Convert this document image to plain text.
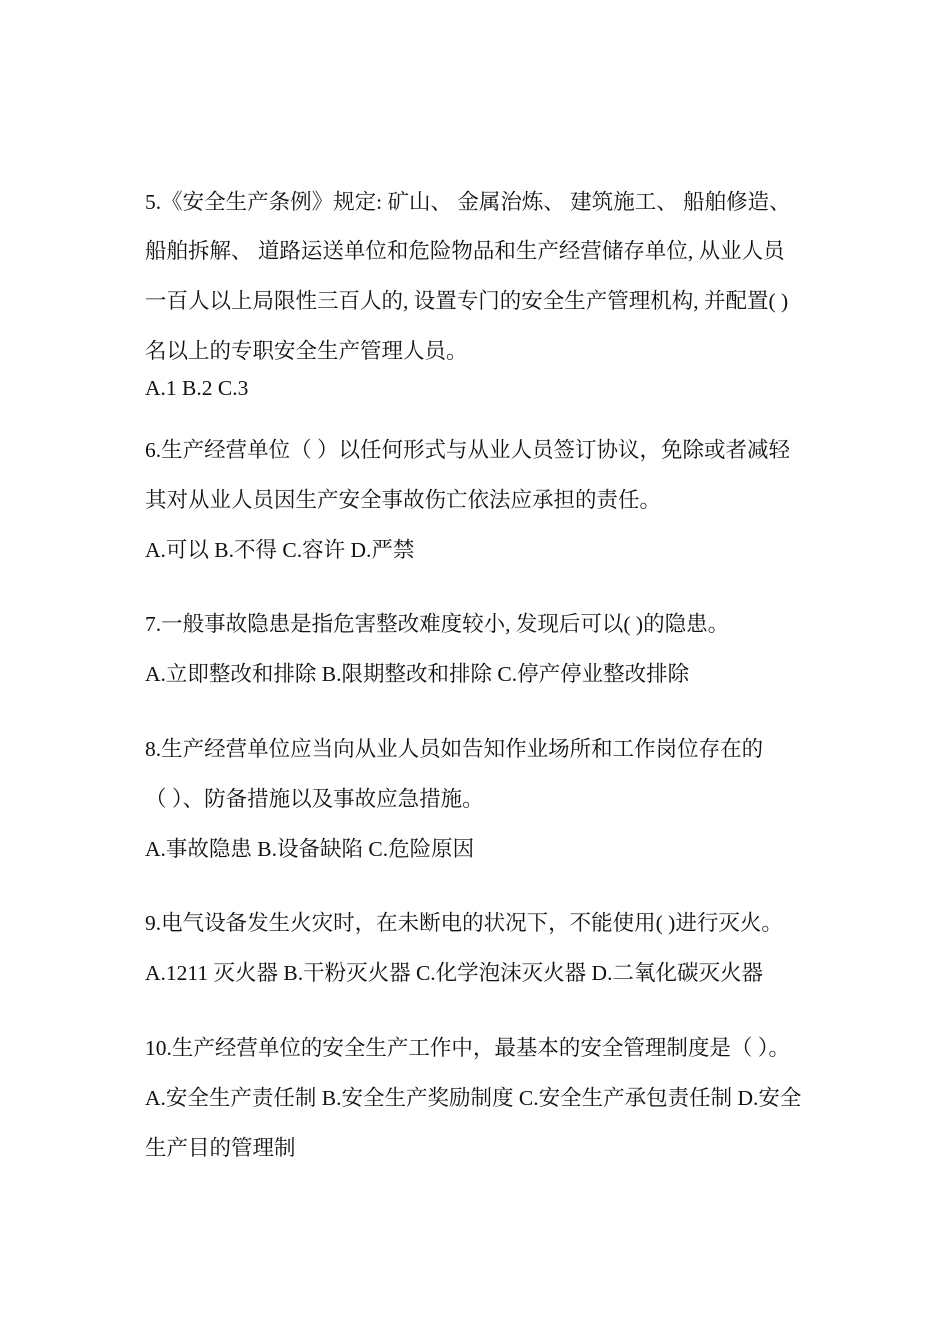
5.《安全生产条例》规定: 矿山、 金属治炼、 建筑施工、 船舶修造、
船舶拆解、 道路运送单位和危险物品和生产经营储存单位, 从业人员
一百人以上局限性三百人的, 设置专门的安全生产管理机构, 并配置( )
名以上的专职安全生产管理人员。
A.1 B.2 C.3
6.生产经营单位（ ）以任何形式与从业人员签订协议，免除或者减轻
其对从业人员因生产安全事故伤亡依法应承担的责任。
A.可以 B.不得 C.容许 D.严禁
7.一般事故隐患是指危害整改难度较小, 发现后可以( )的隐患。
A.立即整改和排除 B.限期整改和排除 C.停产停业整改排除
8.生产经营单位应当向从业人员如告知作业场所和工作岗位存在的
（ ）、防备措施以及事故应急措施。
A.事故隐患 B.设备缺陷 C.危险原因
9.电气设备发生火灾时，在未断电的状况下，不能使用( )进行灭火。
A.1211 灭火器 B.干粉灭火器 C.化学泡沫灭火器 D.二氧化碳灭火器
10.生产经营单位的安全生产工作中，最基本的安全管理制度是（ ）。
A.安全生产责任制 B.安全生产奖励制度 C.安全生产承包责任制 D.安全
生产目的管理制
